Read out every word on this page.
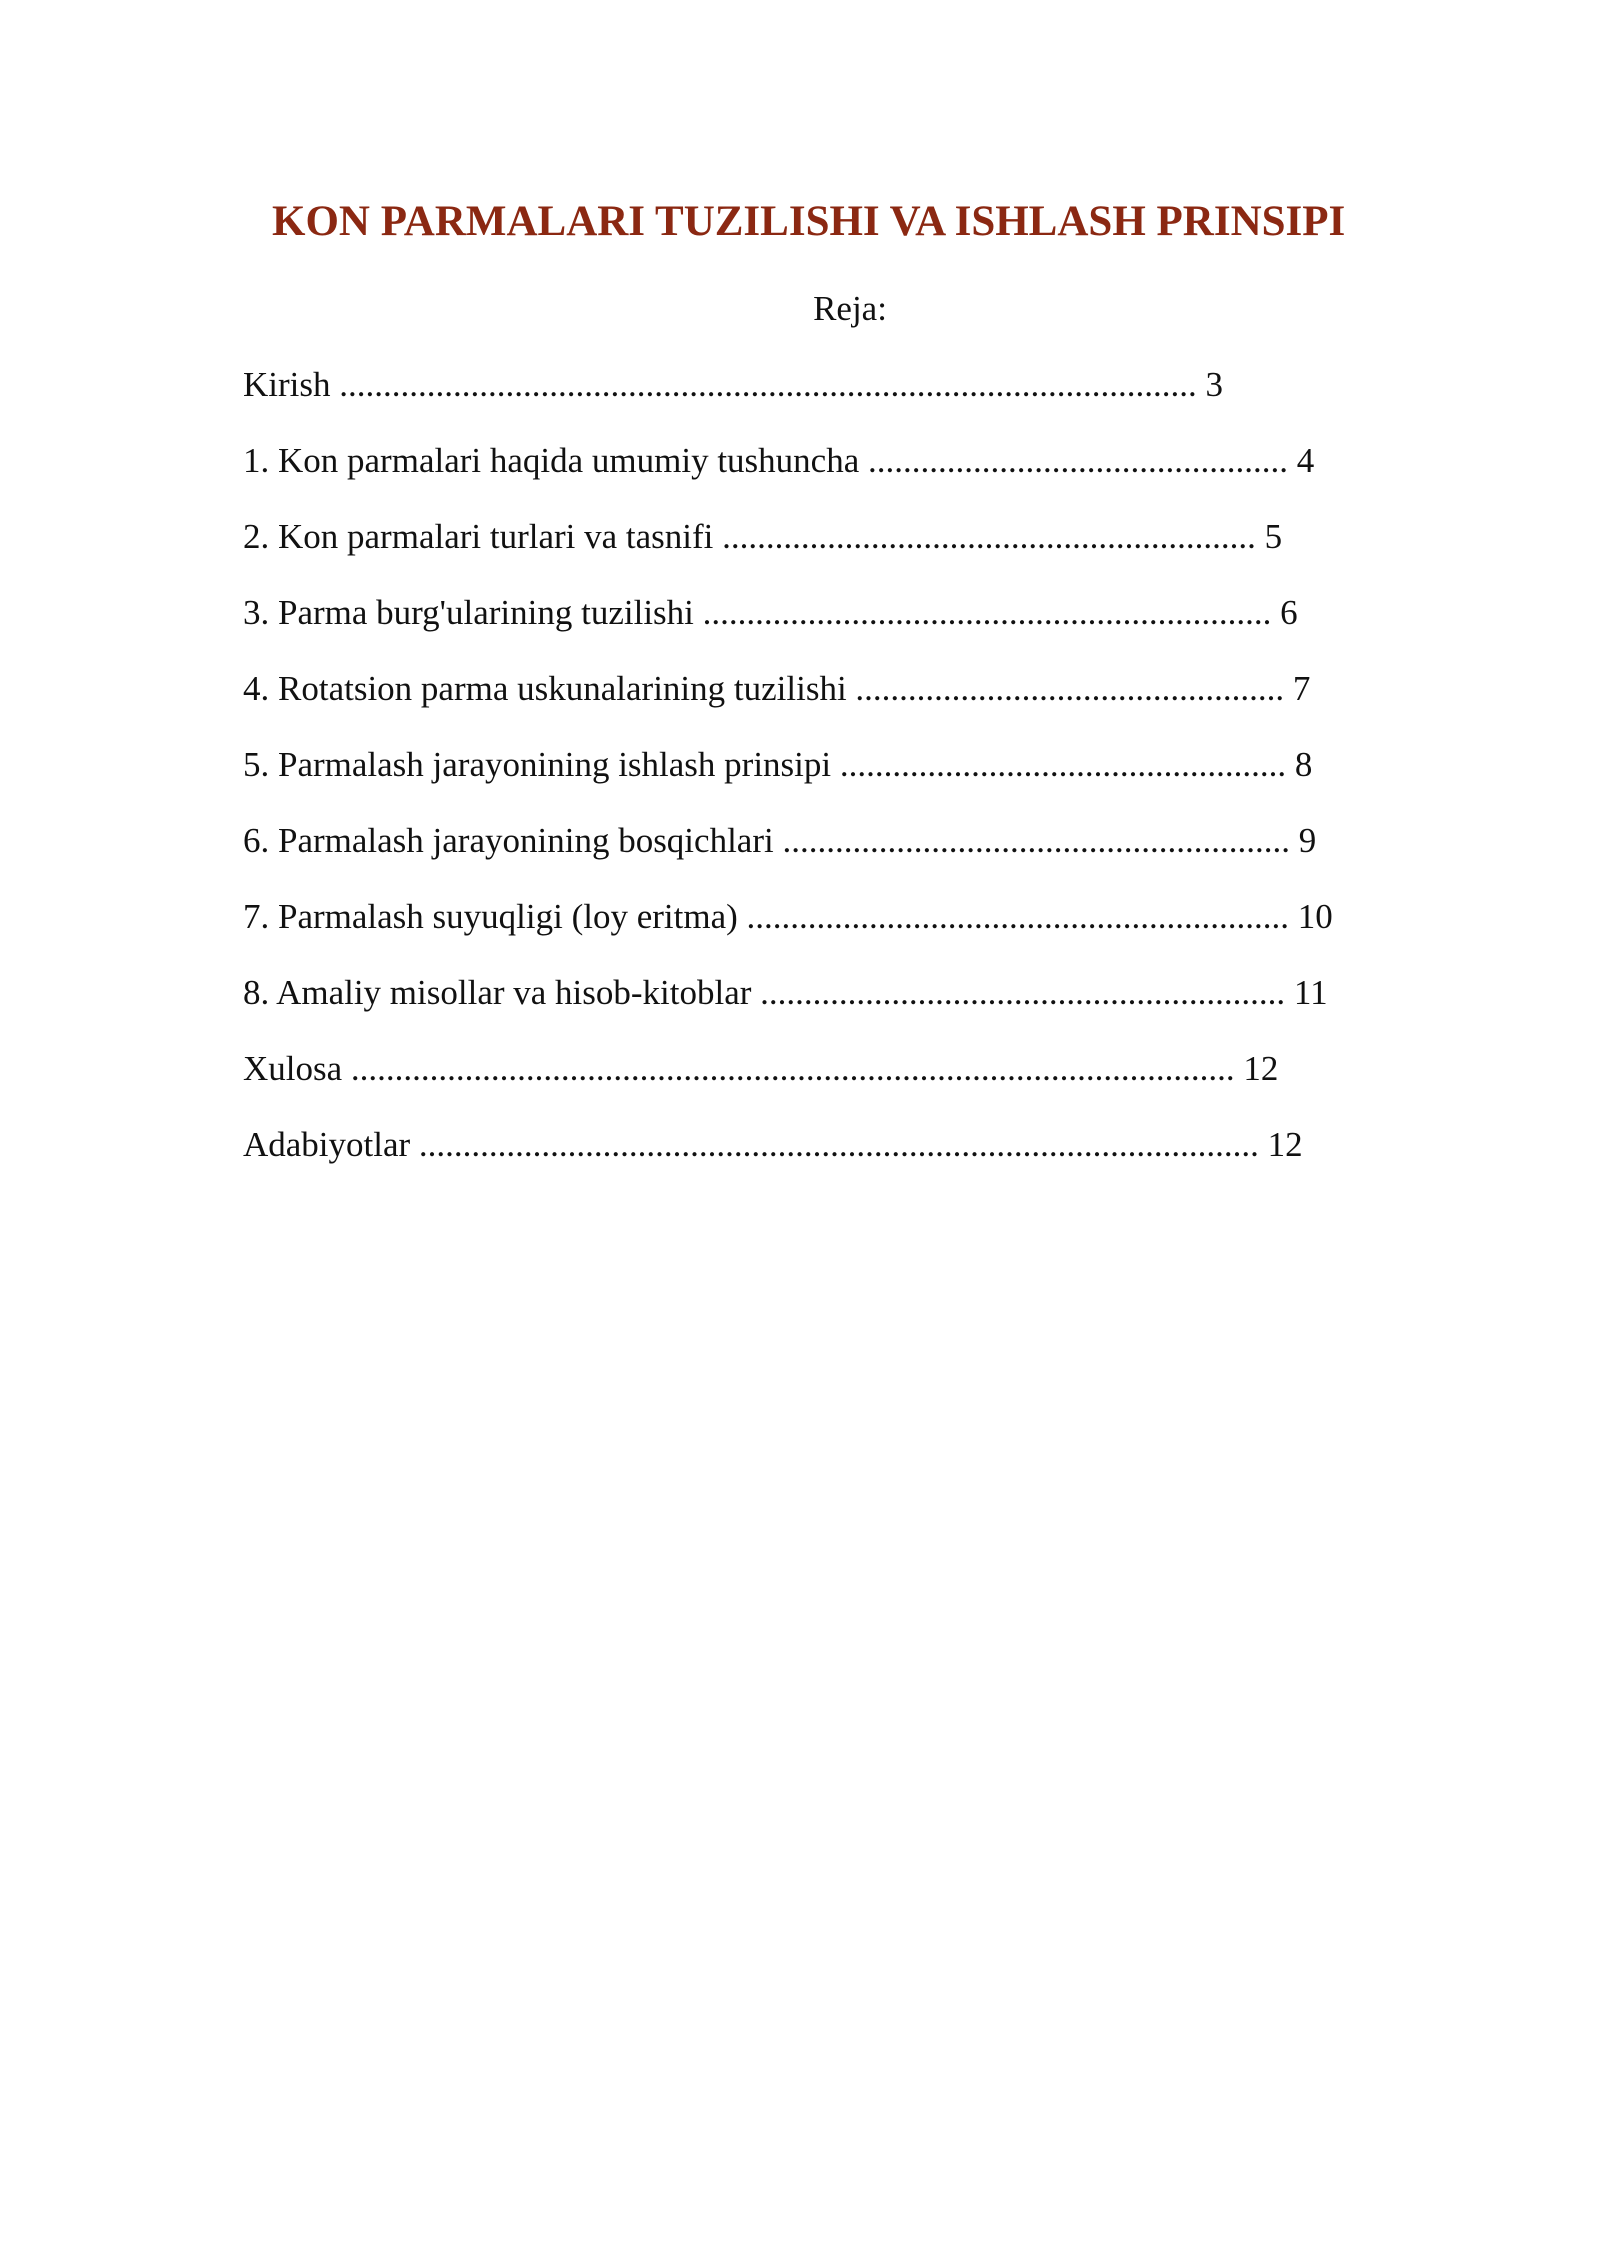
KON PARMALARI TUZILISHI VA ISHLASH PRINSIPI
Reja:
Kirish .................................................................................................. 3
1. Kon parmalari haqida umumiy tushuncha ................................................ 4
2. Kon parmalari turlari va tasnifi ............................................................. 5
3. Parma burg'ularining tuzilishi ................................................................. 6
4. Rotatsion parma uskunalarining tuzilishi ................................................. 7
5. Parmalash jarayonining ishlash prinsipi ................................................... 8
6. Parmalash jarayonining bosqichlari .......................................................... 9
7. Parmalash suyuqligi (loy eritma) .............................................................. 10
8. Amaliy misollar va hisob-kitoblar ............................................................ 11
Xulosa ..................................................................................................... 12
Adabiyotlar ................................................................................................ 12
